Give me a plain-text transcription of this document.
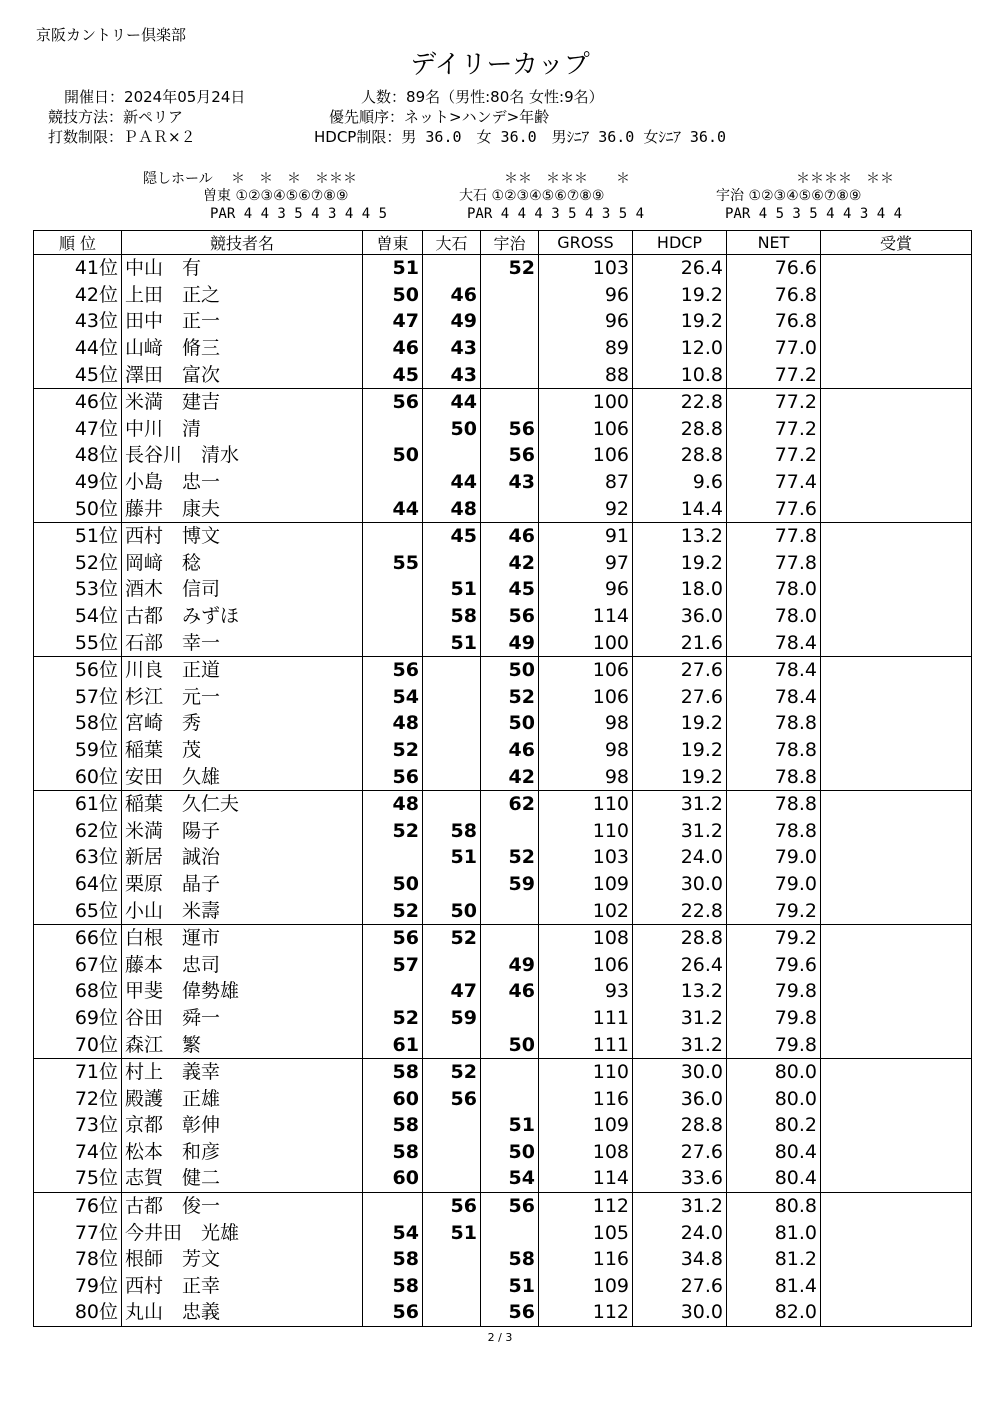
京阪カントリー倶楽部
デイリーカップ
開催日：2024年05月24日
競技方法：新ペリア
打数制限：ＰＡＲ×２
人数：89名（男性:80名 女性:9名）
優先順序：ネット>ハンデ>年齢
HDCP制限：男 36.0　女 36.0　男ｼﾆｱ 36.0 女ｼﾆｱ 36.0
隠しホール ＊　＊　＊　＊＊＊	＊＊　＊＊＊　　＊	＊＊＊＊　＊＊
曽東 ①②③④⑤⑥⑦⑧⑨	大石 ①②③④⑤⑥⑦⑧⑨	宇治 ①②③④⑤⑥⑦⑧⑨
PAR 4 4 3 5 4 3 4 4 5	PAR 4 4 4 3 5 4 3 5 4	PAR 4 5 3 5 4 4 3 4 4
順 位	競技者名	曽東	大石	宇治	GROSS	HDCP	NET	受賞
41位	中山　有	51		52	103	26.4	76.6	
42位	上田　正之	50	46		96	19.2	76.8	
43位	田中　正一	47	49		96	19.2	76.8	
44位	山﨑　脩三	46	43		89	12.0	77.0	
45位	澤田　富次	45	43		88	10.8	77.2	
46位	米満　建吉	56	44		100	22.8	77.2	
47位	中川　清		50	56	106	28.8	77.2	
48位	長谷川　清水	50		56	106	28.8	77.2	
49位	小島　忠一		44	43	87	9.6	77.4	
50位	藤井　康夫	44	48		92	14.4	77.6	
51位	西村　博文		45	46	91	13.2	77.8	
52位	岡﨑　稔	55		42	97	19.2	77.8	
53位	酒木　信司		51	45	96	18.0	78.0	
54位	古都　みずほ		58	56	114	36.0	78.0	
55位	石部　幸一		51	49	100	21.6	78.4	
56位	川良　正道	56		50	106	27.6	78.4	
57位	杉江　元一	54		52	106	27.6	78.4	
58位	宮崎　秀	48		50	98	19.2	78.8	
59位	稲葉　茂	52		46	98	19.2	78.8	
60位	安田　久雄	56		42	98	19.2	78.8	
61位	稲葉　久仁夫	48		62	110	31.2	78.8	
62位	米満　陽子	52	58		110	31.2	78.8	
63位	新居　誠治		51	52	103	24.0	79.0	
64位	栗原　晶子	50		59	109	30.0	79.0	
65位	小山　米壽	52	50		102	22.8	79.2	
66位	白根　運市	56	52		108	28.8	79.2	
67位	藤本　忠司	57		49	106	26.4	79.6	
68位	甲斐　偉勢雄		47	46	93	13.2	79.8	
69位	谷田　舜一	52	59		111	31.2	79.8	
70位	森江　繁	61		50	111	31.2	79.8	
71位	村上　義幸	58	52		110	30.0	80.0	
72位	殿護　正雄	60	56		116	36.0	80.0	
73位	京都　彰伸	58		51	109	28.8	80.2	
74位	松本　和彦	58		50	108	27.6	80.4	
75位	志賀　健二	60		54	114	33.6	80.4	
76位	古都　俊一		56	56	112	31.2	80.8	
77位	今井田　光雄	54	51		105	24.0	81.0	
78位	根師　芳文	58		58	116	34.8	81.2	
79位	西村　正幸	58		51	109	27.6	81.4	
80位	丸山　忠義	56		56	112	30.0	82.0	
2 / 3
